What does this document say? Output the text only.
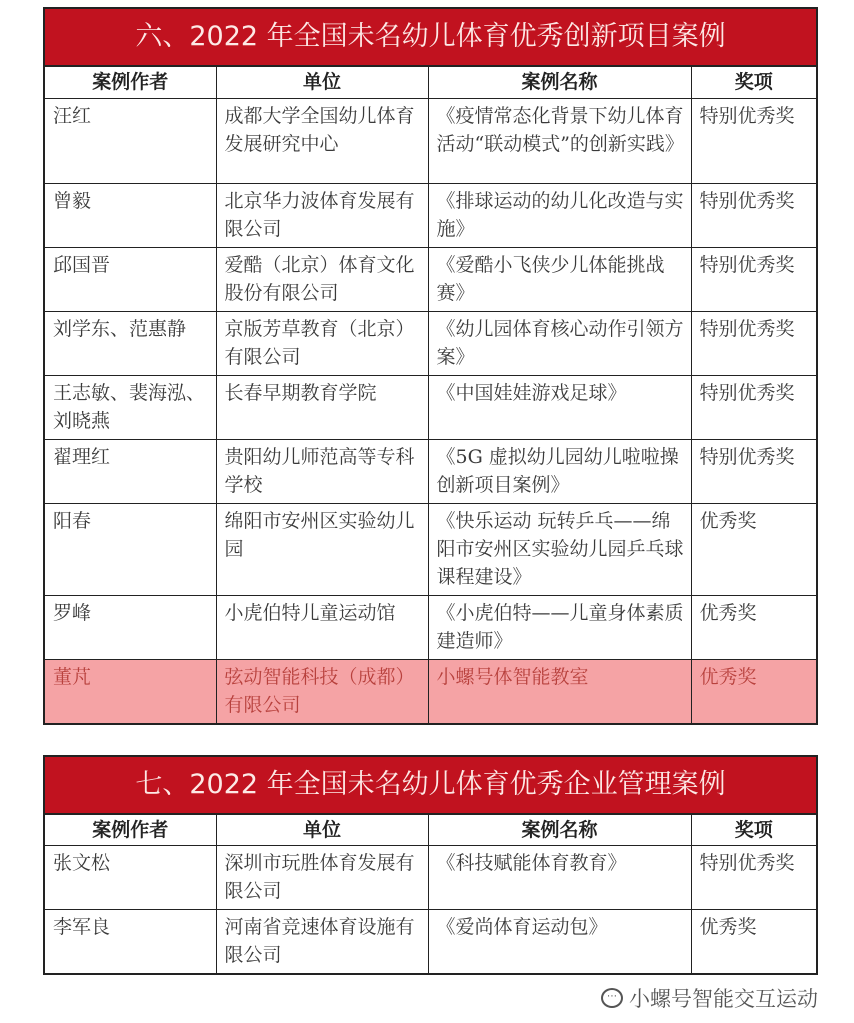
六、2022 年全国未名幼儿体育优秀创新项目案例
案例作者	单位	案例名称	奖项
汪红	成都大学全国幼儿体育发展研究中心	《疫情常态化背景下幼儿体育活动“联动模式”的创新实践》	特别优秀奖
曾毅	北京华力波体育发展有限公司	《排球运动的幼儿化改造与实施》	特别优秀奖
邱国晋	爱酷（北京）体育文化股份有限公司	《爱酷小飞侠少儿体能挑战赛》	特别优秀奖
刘学东、范惠静	京版芳草教育（北京）有限公司	《幼儿园体育核心动作引领方案》	特别优秀奖
王志敏、裴海泓、刘晓燕	长春早期教育学院	《中国娃娃游戏足球》	特别优秀奖
翟理红	贵阳幼儿师范高等专科学校	《5G 虚拟幼儿园幼儿啦啦操创新项目案例》	特别优秀奖
阳春	绵阳市安州区实验幼儿园	《快乐运动 玩转乒乓——绵阳市安州区实验幼儿园乒乓球课程建设》	优秀奖
罗峰	小虎伯特儿童运动馆	《小虎伯特——儿童身体素质建造师》	优秀奖
董芃	弦动智能科技（成都）有限公司	小螺号体智能教室	优秀奖
七、2022 年全国未名幼儿体育优秀企业管理案例
案例作者	单位	案例名称	奖项
张文松	深圳市玩胜体育发展有限公司	《科技赋能体育教育》	特别优秀奖
李军良	河南省竞速体育设施有限公司	《爱尚体育运动包》	优秀奖
⋯ 小螺号智能交互运动
